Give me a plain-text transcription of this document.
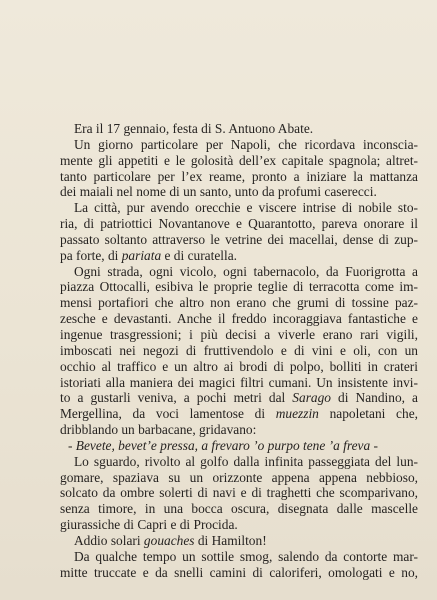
Era il 17 gennaio, festa di S. Antuono Abate.
Un giorno particolare per Napoli, che ricordava inconscia-
mente gli appetiti e le golosità dell’ex capitale spagnola; altret-
tanto particolare per l’ex reame, pronto a iniziare la mattanza
dei maiali nel nome di un santo, unto da profumi caserecci.
La città, pur avendo orecchie e viscere intrise di nobile sto-
ria, di patriottici Novantanove e Quarantotto, pareva onorare il
passato soltanto attraverso le vetrine dei macellai, dense di zup-
pa forte, di pariata e di curatella.
Ogni strada, ogni vicolo, ogni tabernacolo, da Fuorigrotta a
piazza Ottocalli, esibiva le proprie teglie di terracotta come im-
mensi portafiori che altro non erano che grumi di tossine paz-
zesche e devastanti. Anche il freddo incoraggiava fantastiche e
ingenue trasgressioni; i più decisi a viverle erano rari vigili,
imboscati nei negozi di fruttivendolo e di vini e oli, con un
occhio al traffico e un altro ai brodi di polpo, bolliti in crateri
istoriati alla maniera dei magici filtri cumani. Un insistente invi-
to a gustarli veniva, a pochi metri dal Sarago di Nandino, a
Mergellina, da voci lamentose di muezzin napoletani che,
dribblando un barbacane, gridavano:
- Bevete, bevet’e pressa, a frevaro ’o purpo tene ’a freva -
Lo sguardo, rivolto al golfo dalla infinita passeggiata del lun-
gomare, spaziava su un orizzonte appena appena nebbioso,
solcato da ombre solerti di navi e di traghetti che scomparivano,
senza timore, in una bocca oscura, disegnata dalle mascelle
giurassiche di Capri e di Procida.
Addio solari gouaches di Hamilton!
Da qualche tempo un sottile smog, salendo da contorte mar-
mitte truccate e da snelli camini di caloriferi, omologati e no,
